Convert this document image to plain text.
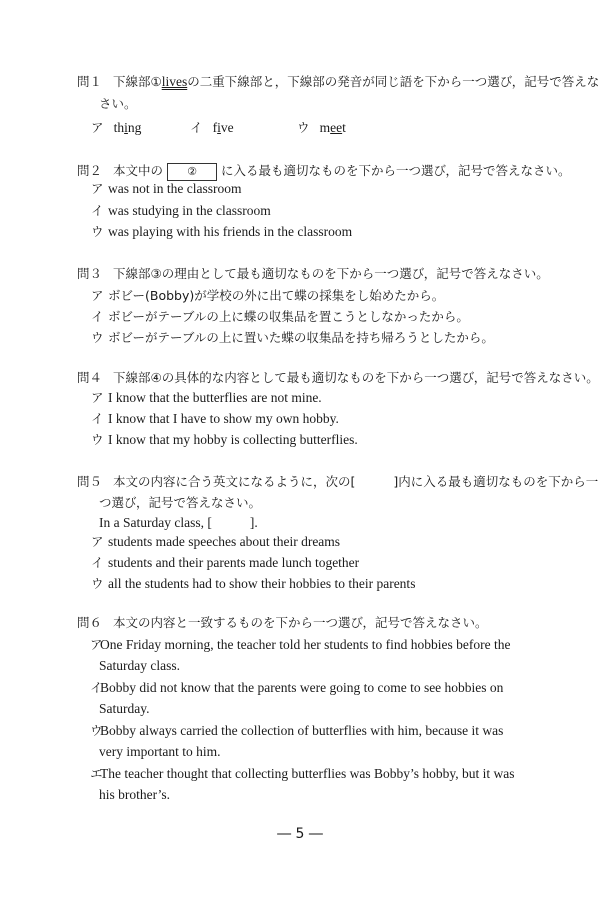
問１ 下線部①livesの二重下線部と，下線部の発音が同じ語を下から一つ選び，記号で答えな
さい。
ア thing	イ five	ウ meet
問２ 本文中の ② に入る最も適切なものを下から一つ選び，記号で答えなさい。
ア was not in the classroom
イ was studying in the classroom
ウ was playing with his friends in the classroom
問３ 下線部③の理由として最も適切なものを下から一つ選び，記号で答えなさい。
ア ボビー(Bobby)が学校の外に出て蝶の採集をし始めたから。
イ ボビーがテーブルの上に蝶の収集品を置こうとしなかったから。
ウ ボビーがテーブルの上に置いた蝶の収集品を持ち帰ろうとしたから。
問４ 下線部④の具体的な内容として最も適切なものを下から一つ選び，記号で答えなさい。
ア I know that the butterflies are not mine.
イ I know that I have to show my own hobby.
ウ I know that my hobby is collecting butterflies.
問５ 本文の内容に合う英文になるように，次の[	]内に入る最も適切なものを下から一
つ選び，記号で答えなさい。
In a Saturday class, [	].
ア students made speeches about their dreams
イ students and their parents made lunch together
ウ all the students had to show their hobbies to their parents
問６ 本文の内容と一致するものを下から一つ選び，記号で答えなさい。
ア
One Friday morning, the teacher told her students to find hobbies before the
Saturday class.
イ
Bobby did not know that the parents were going to come to see hobbies on
Saturday.
ウ
Bobby always carried the collection of butterflies with him, because it was
very important to him.
エ
The teacher thought that collecting butterflies was Bobby’s hobby, but it was
his brother’s.
― 5 ―
